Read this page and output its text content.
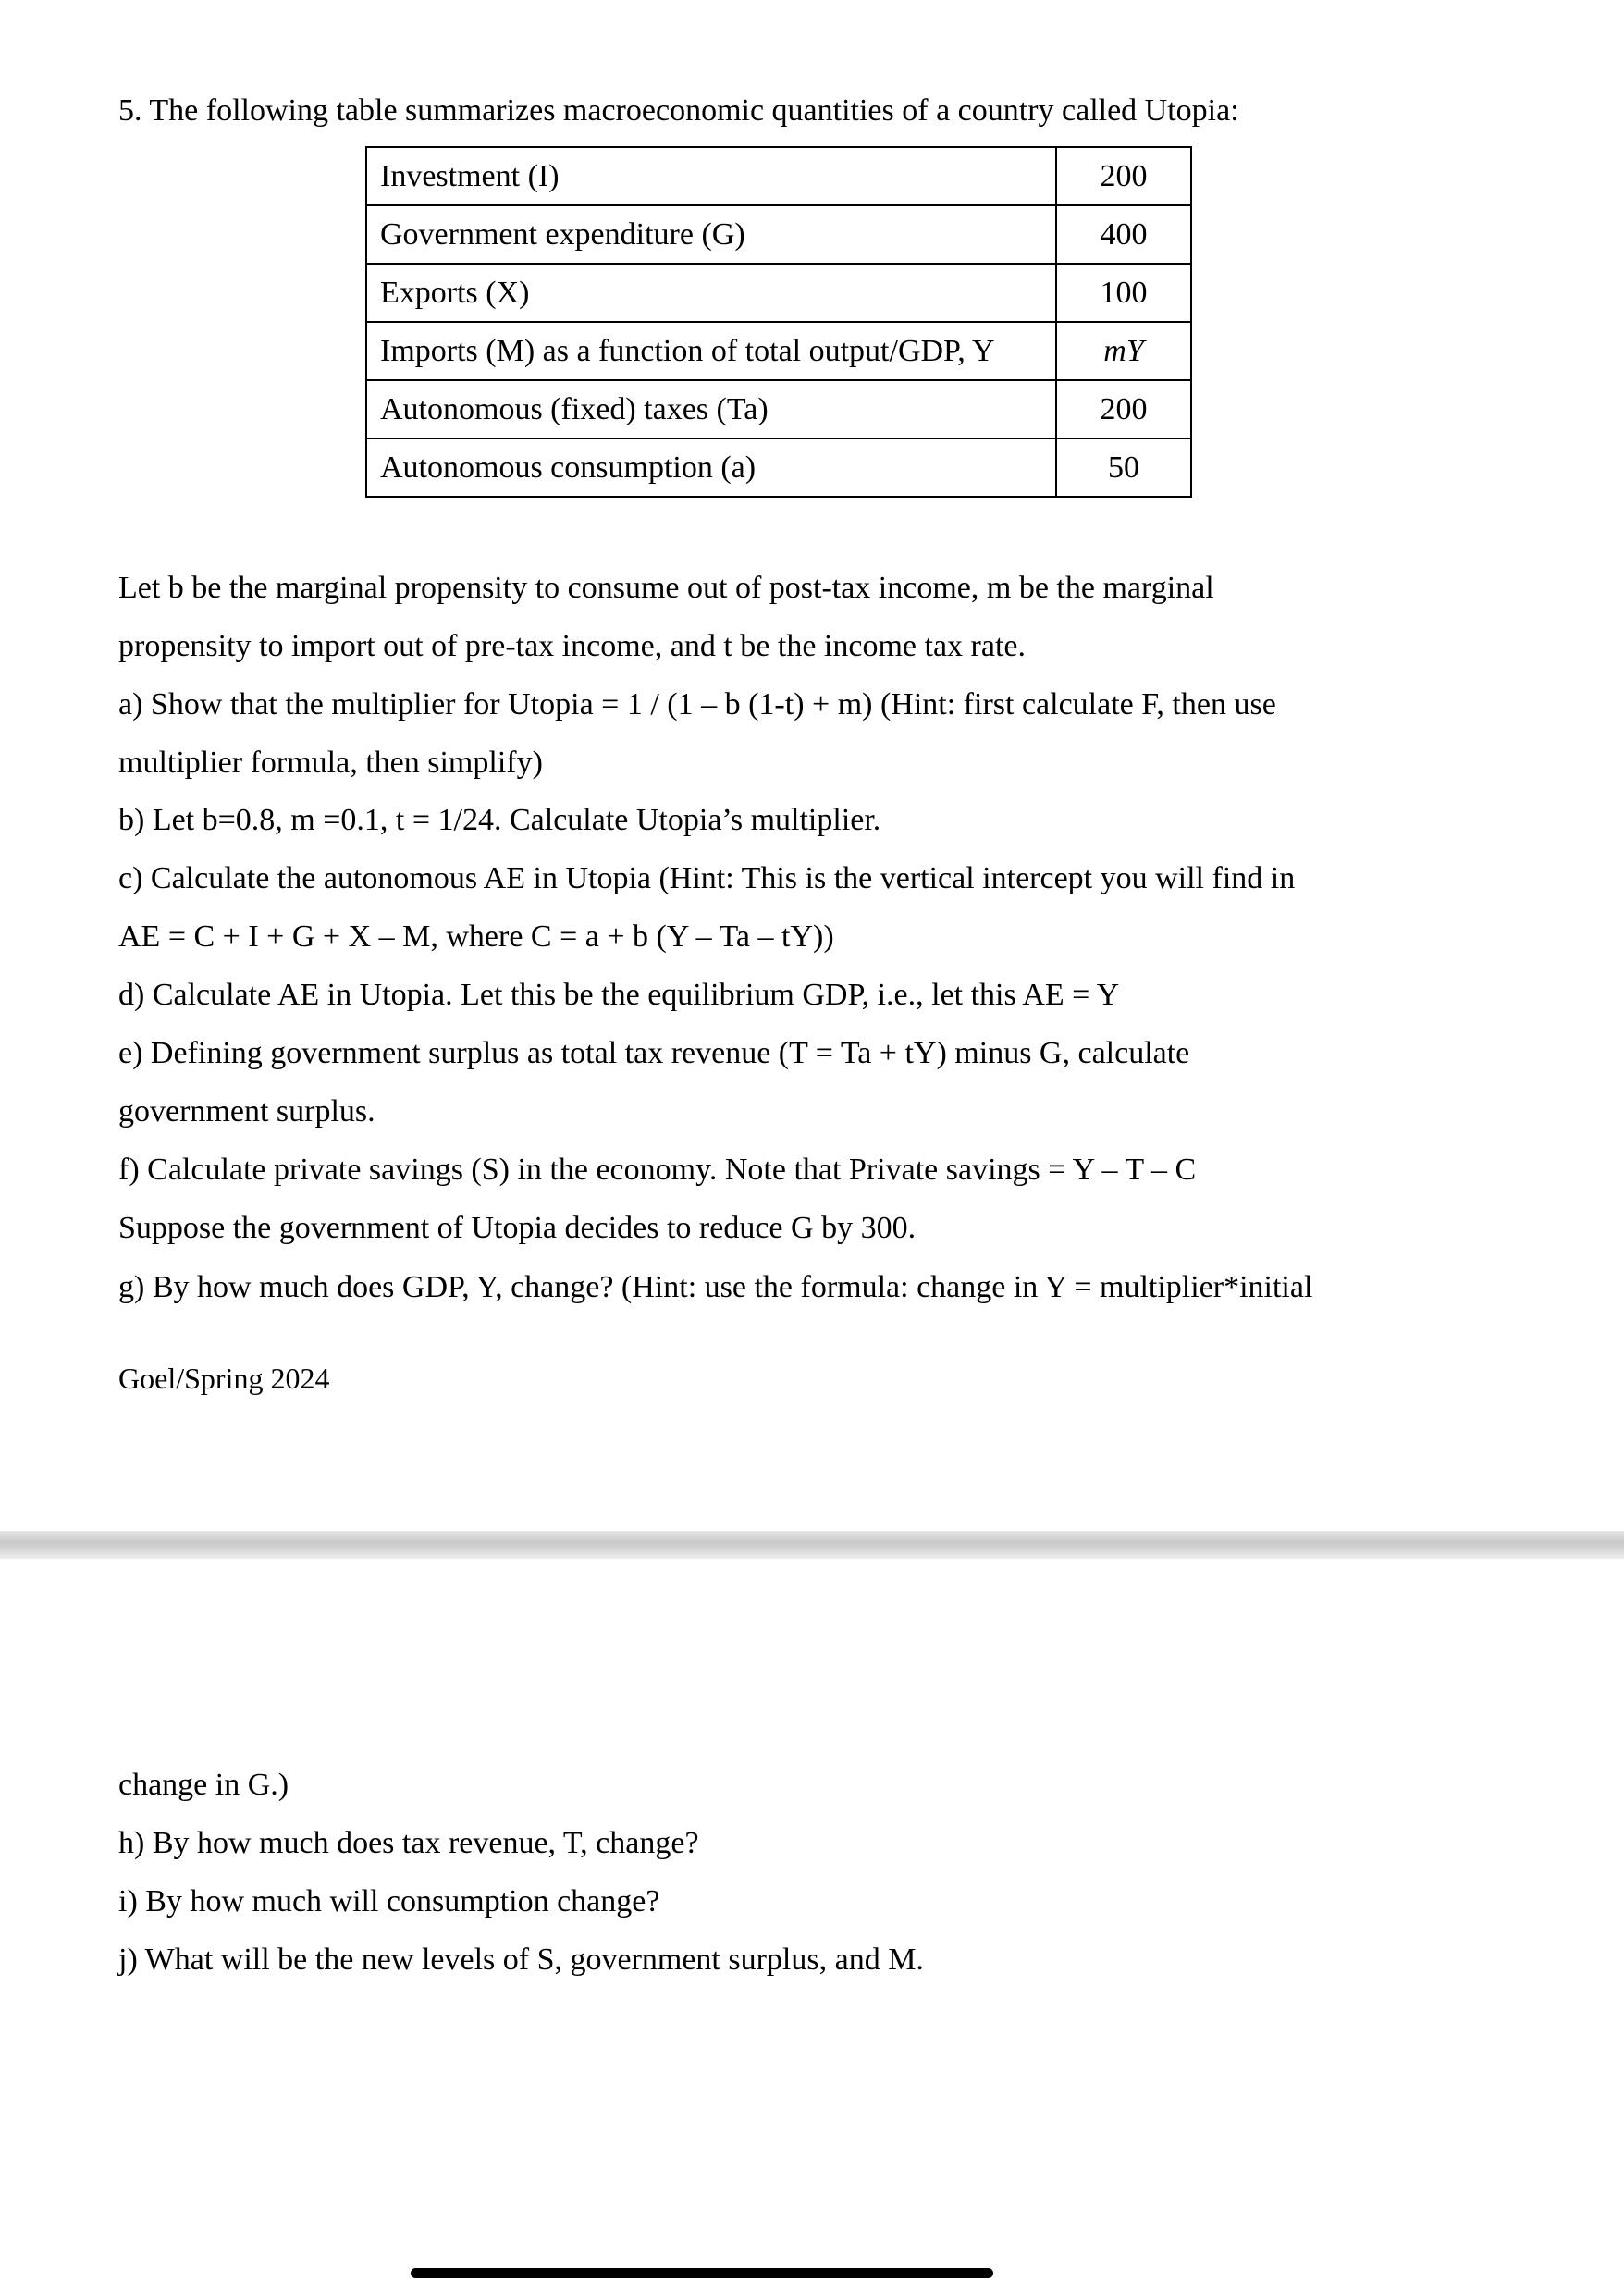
5. The following table summarizes macroeconomic quantities of a country called Utopia:
Investment (I)	200
Government expenditure (G)	400
Exports (X)	100
Imports (M) as a function of total output/GDP, Y	mY
Autonomous (fixed) taxes (Ta)	200
Autonomous consumption (a)	50
Let b be the marginal propensity to consume out of post-tax income, m be the marginal
propensity to import out of pre-tax income, and t be the income tax rate.
a) Show that the multiplier for Utopia = 1 / (1 – b (1-t) + m) (Hint: first calculate F, then use
multiplier formula, then simplify)
b) Let b=0.8, m =0.1, t = 1/24. Calculate Utopia’s multiplier.
c) Calculate the autonomous AE in Utopia (Hint: This is the vertical intercept you will find in
AE = C + I + G + X – M, where C = a + b (Y – Ta – tY))
d) Calculate AE in Utopia. Let this be the equilibrium GDP, i.e., let this AE = Y
e) Defining government surplus as total tax revenue (T = Ta + tY) minus G, calculate
government surplus.
f) Calculate private savings (S) in the economy. Note that Private savings = Y – T – C
Suppose the government of Utopia decides to reduce G by 300.
g) By how much does GDP, Y, change? (Hint: use the formula: change in Y = multiplier*initial
Goel/Spring 2024
change in G.)
h) By how much does tax revenue, T, change?
i) By how much will consumption change?
j) What will be the new levels of S, government surplus, and M.
